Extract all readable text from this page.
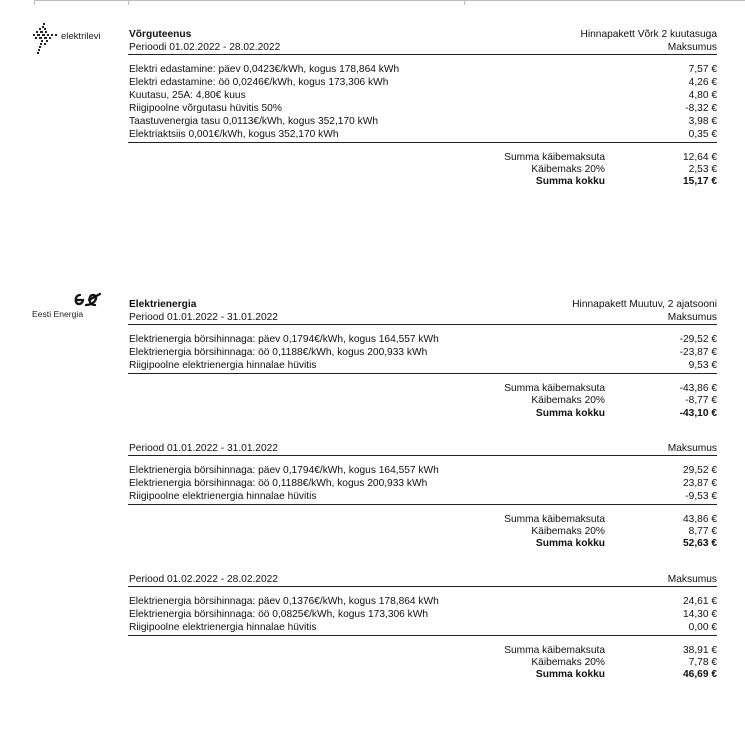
elektrilevi
Eesti Energia
Võrguteenus	Hinnapakett Võrk 2 kuutasuga
Perioodi 01.02.2022 - 28.02.2022	Maksumus
Elektri edastamine: päev 0,0423€/kWh, kogus 178,864 kWh	7,57 €
Elektri edastamine: öö 0,0246€/kWh, kogus 173,306 kWh	4,26 €
Kuutasu, 25A: 4,80€ kuus	4,80 €
Riigipoolne võrgutasu hüvitis 50%	-8,32 €
Taastuvenergia tasu 0,0113€/kWh, kogus 352,170 kWh	3,98 €
Elektriaktsiis 0,001€/kWh, kogus 352,170 kWh	0,35 €
Summa käibemaksuta	12,64 €
Käibemaks 20%	2,53 €
Summa kokku	15,17 €
Elektrienergia	Hinnapakett Muutuv, 2 ajatsooni
Periood 01.01.2022 - 31.01.2022	Maksumus
Elektrienergia börsihinnaga: päev 0,1794€/kWh, kogus 164,557 kWh	-29,52 €
Elektrienergia börsihinnaga: öö 0,1188€/kWh, kogus 200,933 kWh	-23,87 €
Riigipoolne elektrienergia hinnalae hüvitis	9,53 €
Summa käibemaksuta	-43,86 €
Käibemaks 20%	-8,77 €
Summa kokku	-43,10 €
Periood 01.01.2022 - 31.01.2022	Maksumus
Elektrienergia börsihinnaga: päev 0,1794€/kWh, kogus 164,557 kWh	29,52 €
Elektrienergia börsihinnaga: öö 0,1188€/kWh, kogus 200,933 kWh	23,87 €
Riigipoolne elektrienergia hinnalae hüvitis	-9,53 €
Summa käibemaksuta	43,86 €
Käibemaks 20%	8,77 €
Summa kokku	52,63 €
Periood 01.02.2022 - 28.02.2022	Maksumus
Elektrienergia börsihinnaga: päev 0,1376€/kWh, kogus 178,864 kWh	24,61 €
Elektrienergia börsihinnaga: öö 0,0825€/kWh, kogus 173,306 kWh	14,30 €
Riigipoolne elektrienergia hinnalae hüvitis	0,00 €
Summa käibemaksuta	38,91 €
Käibemaks 20%	7,78 €
Summa kokku	46,69 €
